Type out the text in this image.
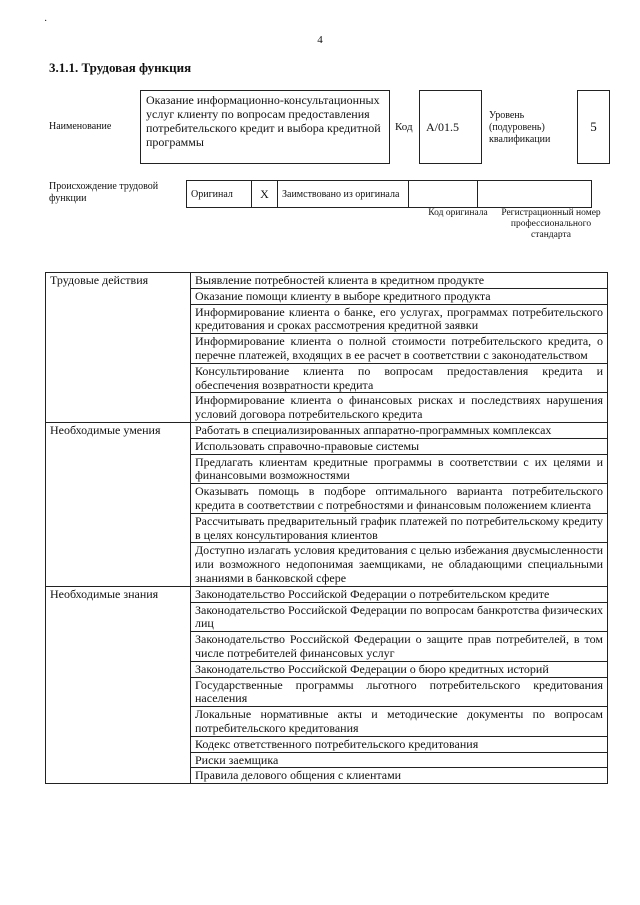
·
4
3.1.1. Трудовая функция
Наименование
Оказание информационно-консультационных услуг клиенту по вопросам предоставления потребительского кредит и выбора кредитной программы
Код	A/01.5
Уровень (подуровень) квалификации
5
Происхождение трудовой функции	Оригинал	X	Заимствовано из оригинала		
Код оригинала	Регистрационный номер профессионального стандарта
Трудовые действия	Выявление потребностей клиента в кредитном продукте
	Оказание помощи клиенту в выборе кредитного продукта
	Информирование клиента о банке, его услугах, программах потребительского кредитования и сроках рассмотрения кредитной заявки
	Информирование клиента о полной стоимости потребительского кредита, о перечне платежей, входящих в ее расчет в соответствии с законодательством
	Консультирование клиента по вопросам предоставления кредита и обеспечения возвратности кредита
	Информирование клиента о финансовых рисках и последствиях нарушения условий договора потребительского кредита
Необходимые умения	Работать в специализированных аппаратно-программных комплексах
	Использовать справочно-правовые системы
	Предлагать клиентам кредитные программы в соответствии с их целями и финансовыми возможностями
	Оказывать помощь в подборе оптимального варианта потребительского кредита в соответствии с потребностями и финансовым положением клиента
	Рассчитывать предварительный график платежей по потребительскому кредиту в целях консультирования клиентов
	Доступно излагать условия кредитования с целью избежания двусмысленности или возможного недопонимая заемщиками, не обладающими специальными знаниями в банковской сфере
Необходимые знания	Законодательство Российской Федерации о потребительском кредите
	Законодательство Российской Федерации по вопросам банкротства физических лиц
	Законодательство Российской Федерации о защите прав потребителей, в том числе потребителей финансовых услуг
	Законодательство Российской Федерации о бюро кредитных историй
	Государственные программы льготного потребительского кредитования населения
	Локальные нормативные акты и методические документы по вопросам потребительского кредитования
	Кодекс ответственного потребительского кредитования
	Риски заемщика
	Правила делового общения с клиентами
